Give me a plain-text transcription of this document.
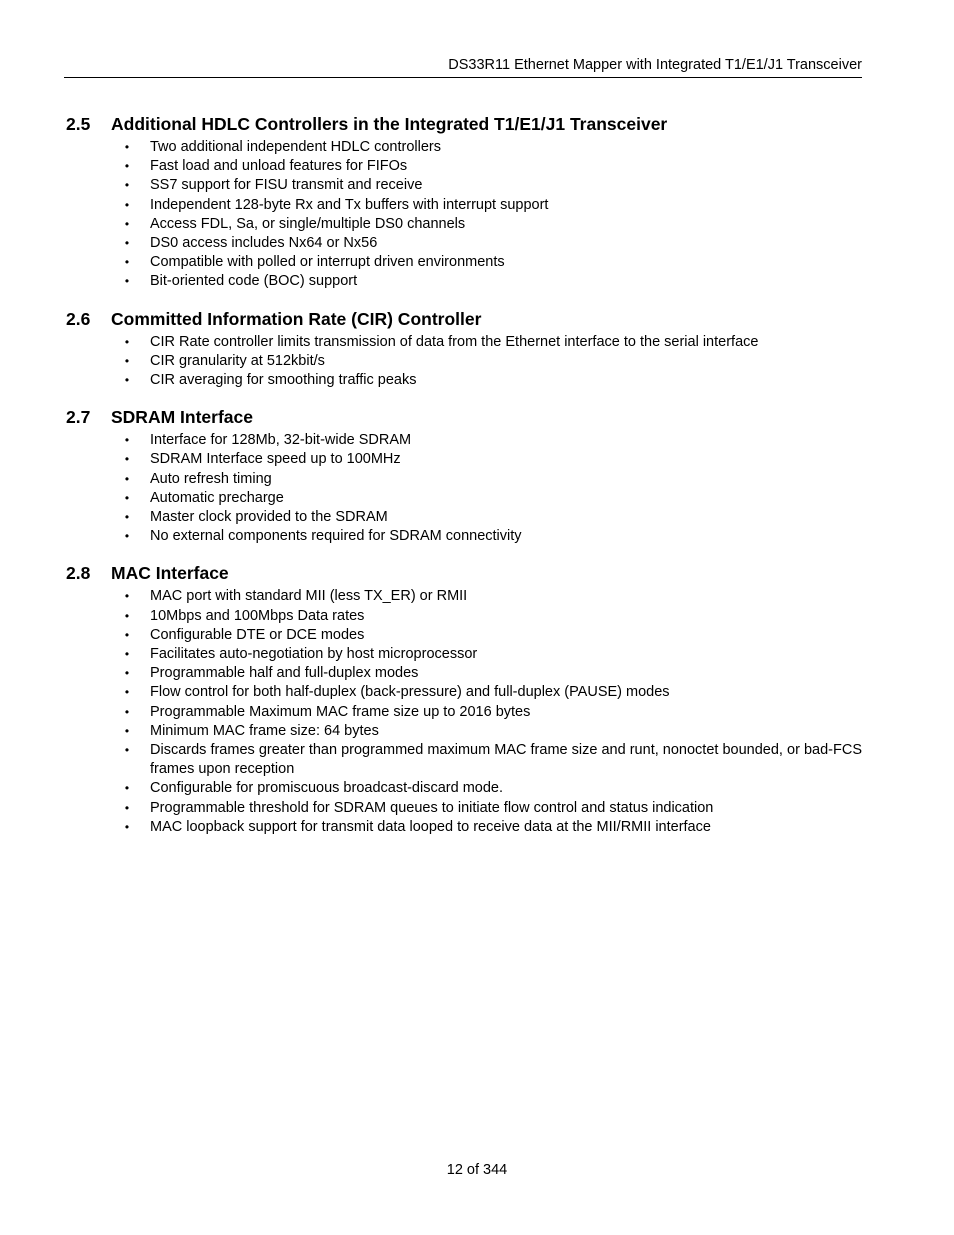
DS33R11 Ethernet Mapper with Integrated T1/E1/J1 Transceiver
2.5	Additional HDLC Controllers in the Integrated T1/E1/J1 Transceiver
• Two additional independent HDLC controllers
• Fast load and unload features for FIFOs
• SS7 support for FISU transmit and receive
• Independent 128-byte Rx and Tx buffers with interrupt support
• Access FDL, Sa, or single/multiple DS0 channels
• DS0 access includes Nx64 or Nx56
• Compatible with polled or interrupt driven environments
• Bit-oriented code (BOC) support
2.6	Committed Information Rate (CIR) Controller
• CIR Rate controller limits transmission of data from the Ethernet interface to the serial interface
• CIR granularity at 512kbit/s
• CIR averaging for smoothing traffic peaks
2.7	SDRAM Interface
• Interface for 128Mb, 32-bit-wide SDRAM
• SDRAM Interface speed up to 100MHz
• Auto refresh timing
• Automatic precharge
• Master clock provided to the SDRAM
• No external components required for SDRAM connectivity
2.8	MAC Interface
• MAC port with standard MII (less TX_ER) or RMII
• 10Mbps and 100Mbps Data rates
• Configurable DTE or DCE modes
• Facilitates auto-negotiation by host microprocessor
• Programmable half and full-duplex modes
• Flow control for both half-duplex (back-pressure) and full-duplex (PAUSE) modes
• Programmable Maximum MAC frame size up to 2016 bytes
• Minimum MAC frame size: 64 bytes
• Discards frames greater than programmed maximum MAC frame size and runt, nonoctet bounded, or bad-FCS frames upon reception
• Configurable for promiscuous broadcast-discard mode.
• Programmable threshold for SDRAM queues to initiate flow control and status indication
• MAC loopback support for transmit data looped to receive data at the MII/RMII interface
12 of 344
